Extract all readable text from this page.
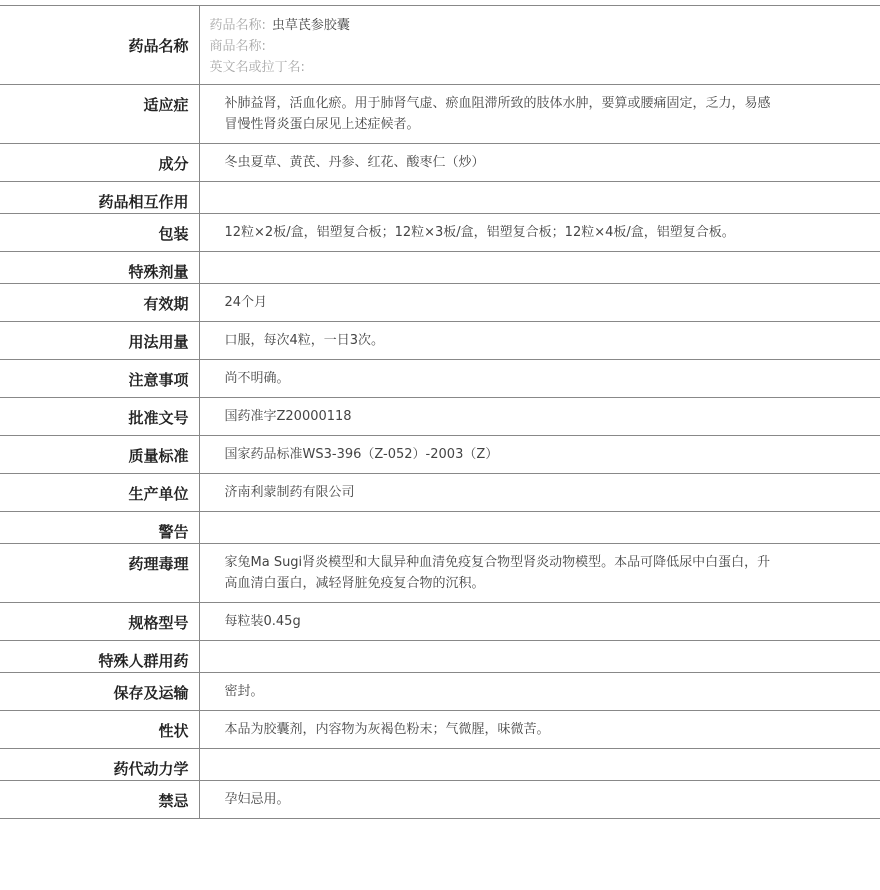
药品名称	药品名称: 虫草芪参胶囊
商品名称:
英文名或拉丁名:

适应症	补肺益肾，活血化瘀。用于肺肾气虚、瘀血阻滞所致的肢体水肿，要算或腰痛固定，乏力，易感冒慢性肾炎蛋白尿见上述症候者。
成分	冬虫夏草、黄芪、丹参、红花、酸枣仁（炒）
药品相互作用	
包装	12粒×2板/盒，铝塑复合板；12粒×3板/盒，铝塑复合板；12粒×4板/盒，铝塑复合板。
特殊剂量	
有效期	24个月
用法用量	口服，每次4粒，一日3次。
注意事项	尚不明确。
批准文号	国药准字Z20000118
质量标准	国家药品标准WS3-396（Z-052）-2003（Z）
生产单位	济南利蒙制药有限公司
警告	
药理毒理	家兔Ma Sugi肾炎模型和大鼠异种血清免疫复合物型肾炎动物模型。本品可降低尿中白蛋白，升高血清白蛋白，减轻肾脏免疫复合物的沉积。
规格型号	每粒装0.45g
特殊人群用药	
保存及运输	密封。
性状	本品为胶囊剂，内容物为灰褐色粉末；气微腥，味微苦。
药代动力学	
禁忌	孕妇忌用。
